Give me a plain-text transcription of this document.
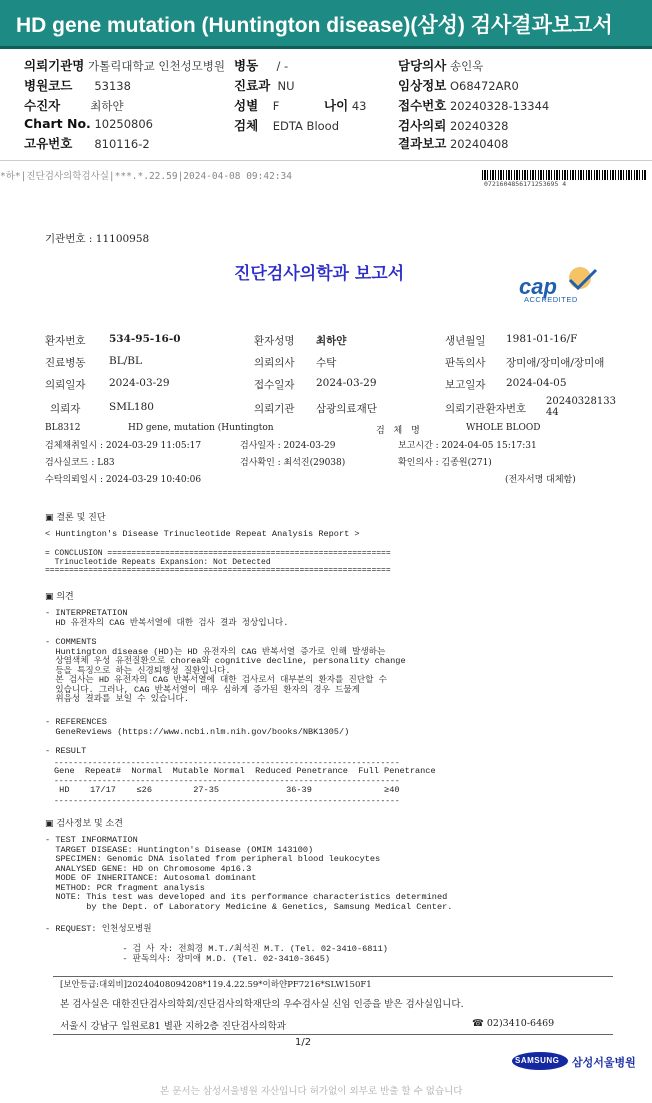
HD gene mutation (Huntington disease)(삼성) 검사결과보고서
의뢰기관명 가톨릭대학교 인천성모병원 병동 / -	담당의사 송인욱
병원코드 53138	진료과 NU	임상정보 O68472AR0
수진자	최하얀	성별 F	나이 43	접수번호 20240328-13344
Chart No. 10250806	검체 EDTA Blood	검사의뢰 20240328
고유번호 810116-2	결과보고 20240408
*하*|진단검사의학검사실|***.*.22.59|2024-04-08 09:42:34
0721604856171253695 4
기관번호 : 11100958
진단검사의학과 보고서	cap
ACCREDITED
환자번호 534-95-16-0	환자성명 최하얀	생년월일 1981-01-16/F
진료병동 BL/BL	의뢰의사 수탁	판독의사 장미애/장미애/장미애
의뢰일자 2024-03-29	접수일자 2024-03-29	보고일자 2024-04-05
의뢰자	SML180	의뢰기관 삼광의료재단	의뢰기관환자번호
2024032813344
BL8312	HD gene, mutation (Huntington	검 체 명	WHOLE BLOOD
검체채취일시 : 2024-03-29 11:05:17	검사일자 : 2024-03-29	보고시간 : 2024-04-05 15:17:31
검사실코드 : L83	검사확인 : 최석진(29038)	확인의사 : 김종원(271)
수탁의뢰일시 : 2024-03-29 10:40:06	(전자서명 대체함)
▣ 결론 및 진단
< Huntington's Disease Trinucleotide Repeat Analysis Report >
= CONCLUSION ===========================================================
Trinucleotide Repeats Expansion: Not Detected
========================================================================
▣ 의견
- INTERPRETATION
HD 유전자의 CAG 반복서열에 대한 검사 결과 정상입니다.
- COMMENTS
Huntington disease (HD)는 HD 유전자의 CAG 반복서열 증가로 인해 발생하는
상염색체 우성 유전질환으로 chorea와 cognitive decline, personality change
등을 특징으로 하는 신경퇴행성 질환입니다.
본 검사는 HD 유전자의 CAG 반복서열에 대한 검사로서 대부분의 환자를 진단할 수
있습니다. 그러나, CAG 반복서열이 매우 심하게 증가된 환자의 경우 드물게
위음성 결과를 보일 수 있습니다.
- REFERENCES
GeneReviews (https://www.ncbi.nlm.nih.gov/books/NBK1305/)
- RESULT
------------------------------------------------------------------------
Gene  Repeat#  Normal  Mutable Normal  Reduced Penetrance  Full Penetrance
------------------------------------------------------------------------
HD    17/17    ≤26        27-35             36-39              ≥40
------------------------------------------------------------------------
▣ 검사정보 및 소견
- TEST INFORMATION
TARGET DISEASE: Huntington's Disease (OMIM 143100)
SPECIMEN: Genomic DNA isolated from peripheral blood leukocytes
ANALYSED GENE: HD on Chromosome 4p16.3
MODE OF INHERITANCE: Autosomal dominant
METHOD: PCR fragment analysis
NOTE: This test was developed and its performance characteristics determined
by the Dept. of Laboratory Medicine & Genetics, Samsung Medical Center.
- REQUEST: 인천성모병원
- 검 사 자: 전희경 M.T./최석진 M.T. (Tel. 02-3410-6811)
- 판독의사: 장미애 M.D. (Tel. 02-3410-3645)
[보안등급:대외비]20240408094208*119.4.22.59*이하얀PF7216*SLW150F1
본 검사실은 대한진단검사의학회/진단검사의학재단의 우수검사실 신임 인증을 받은 검사실입니다.
서울시 강남구 일원로81 별관 지하2층 진단검사의학과	☎ 02)3410-6469
1/2
SAMSUNG 삼성서울병원
본 문서는 삼성서울병원 자산입니다 허가없이 외부로 반출 할 수 없습니다
